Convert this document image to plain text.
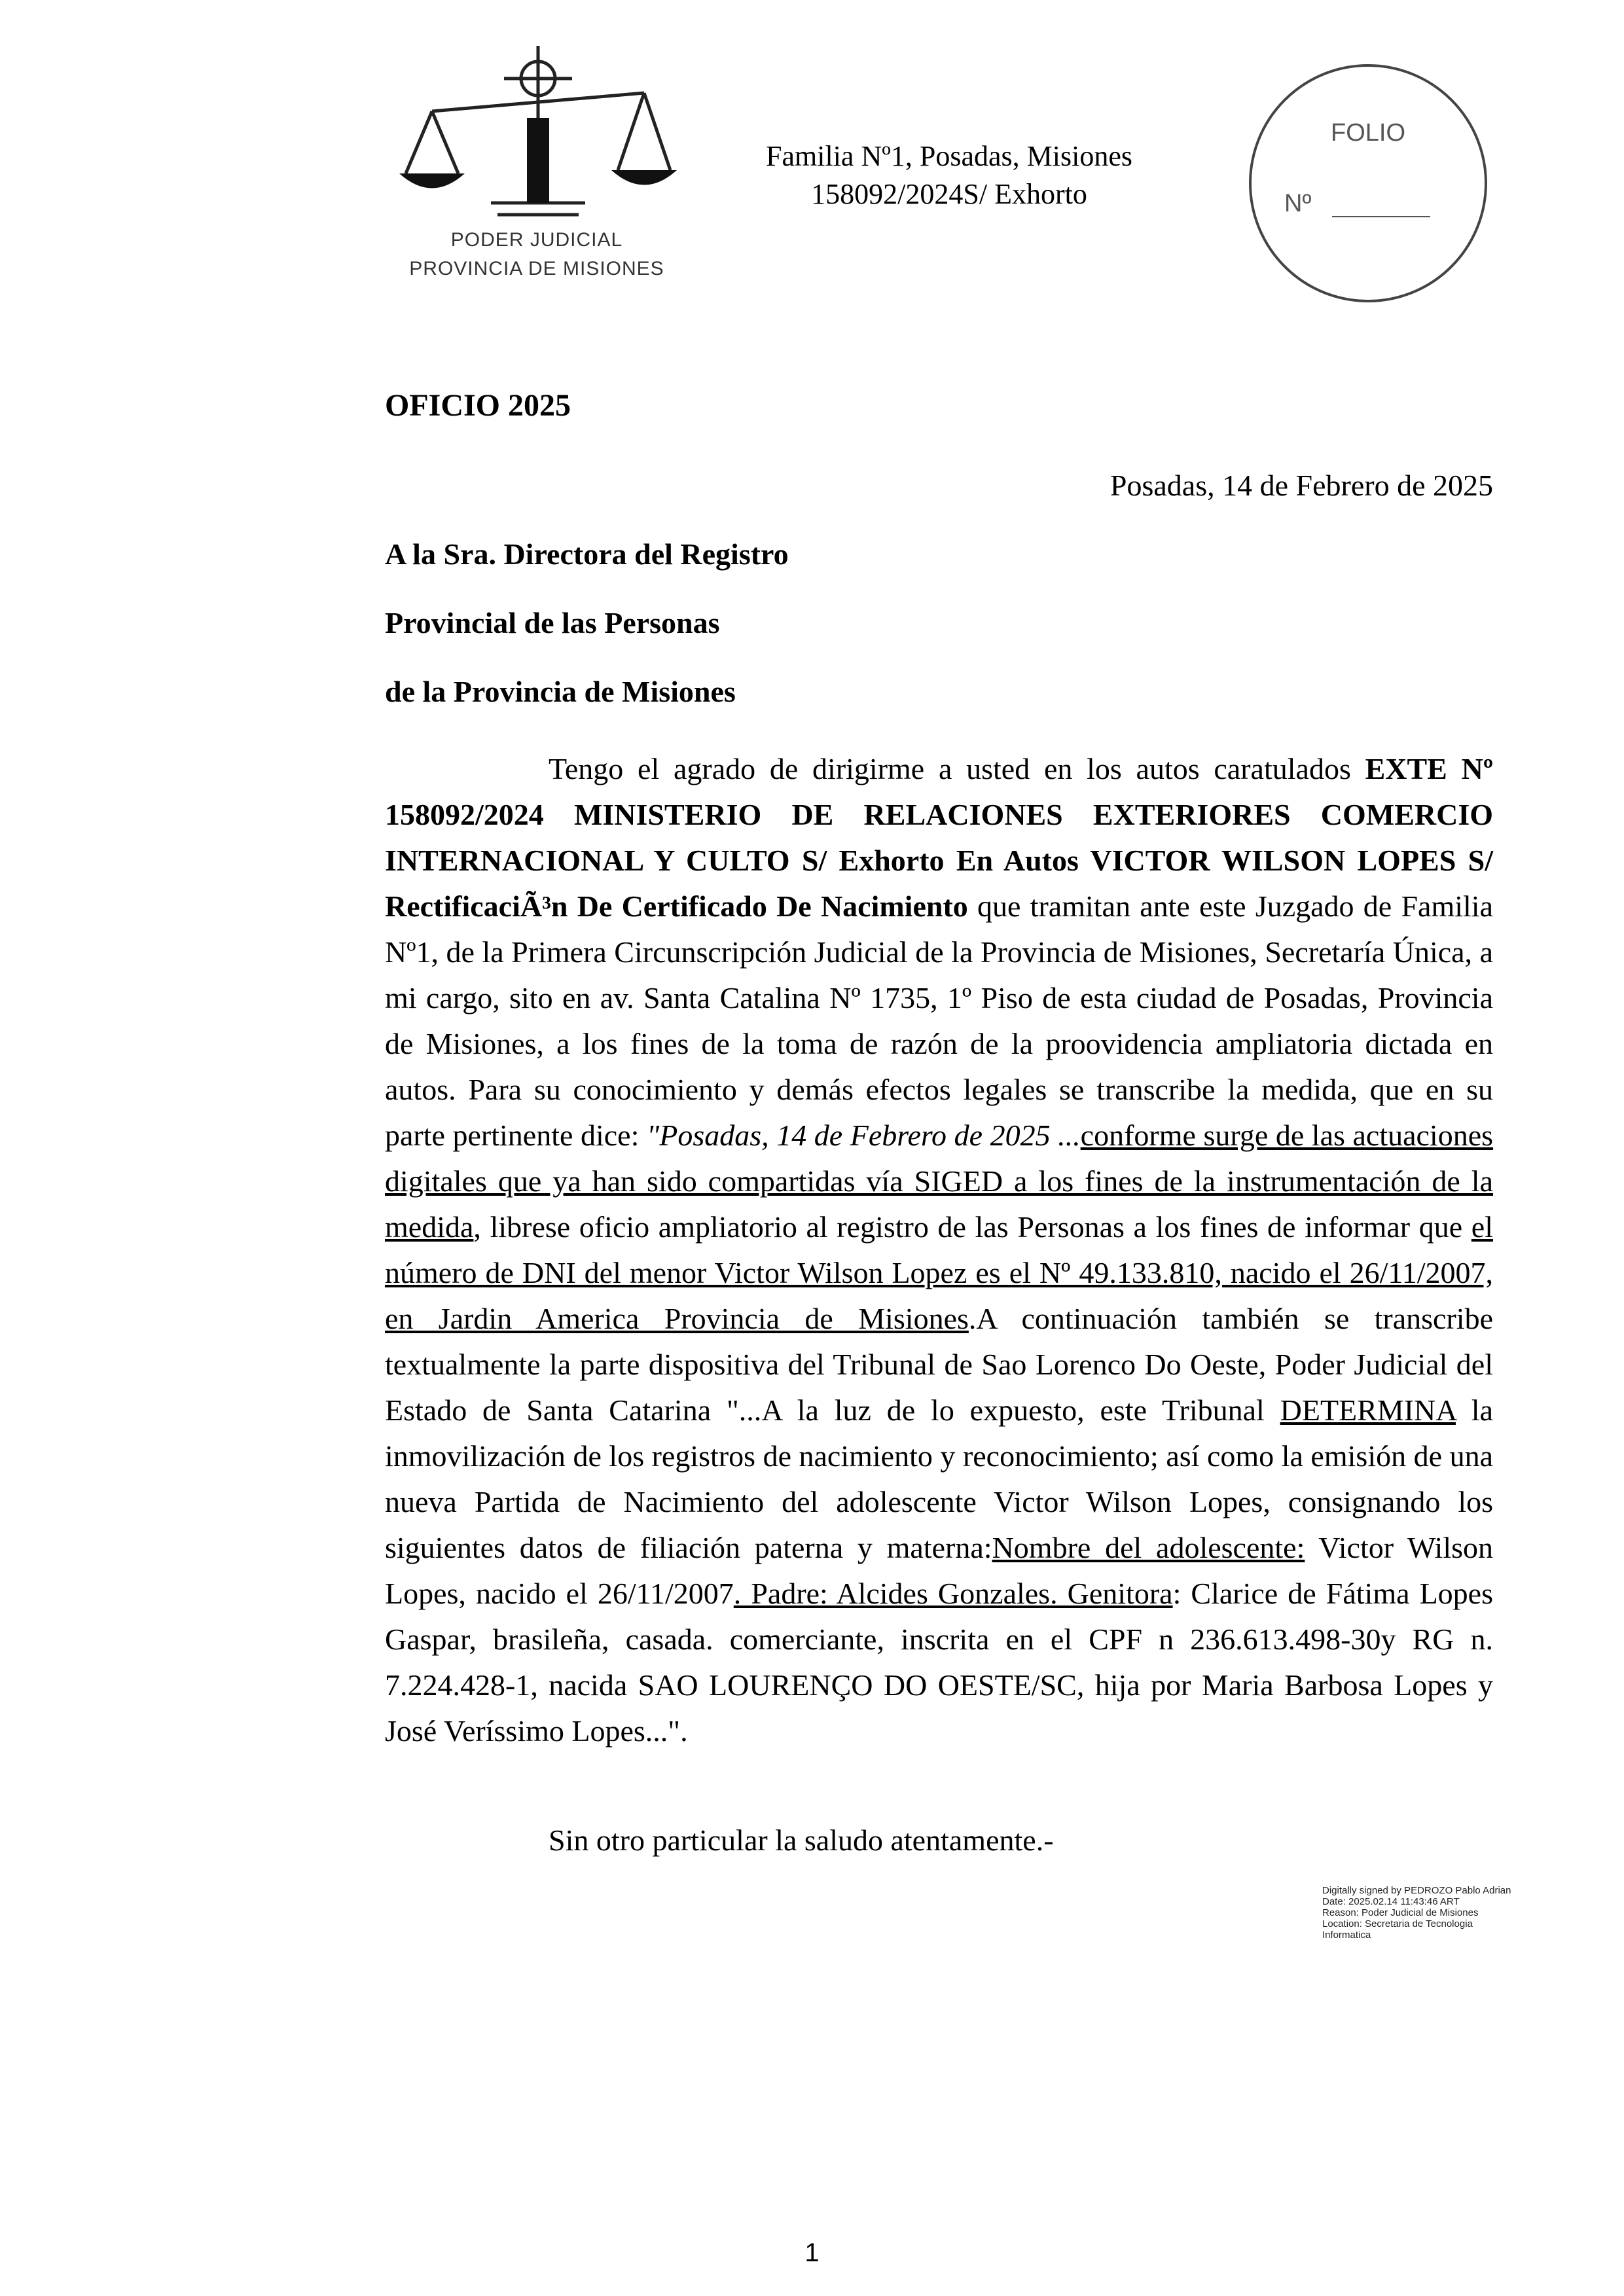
PODER JUDICIAL
PROVINCIA DE MISIONES
Familia Nº1, Posadas, Misiones
158092/2024S/ Exhorto
FOLIO
Nº
OFICIO 2025
Posadas, 14 de Febrero de 2025
A la Sra. Directora del Registro
Provincial de las Personas
de la Provincia de Misiones

Tengo el agrado de dirigirme a usted en los autos caratulados EXTE Nº 158092/2024 MINISTERIO DE RELACIONES EXTERIORES COMERCIO INTERNACIONAL Y CULTO S/ Exhorto En Autos VICTOR WILSON LOPES S/ RectificaciÃ³n De Certificado De Nacimiento que tramitan ante este Juzgado de Familia Nº1, de la Primera Circunscripción Judicial de la Provincia de Misiones, Secretaría Única, a mi cargo, sito en av. Santa Catalina Nº 1735, 1º Piso de esta ciudad de Posadas, Provincia de Misiones, a los fines de la toma de razón de la proovidencia ampliatoria dictada en autos. Para su conocimiento y demás efectos legales se transcribe la medida, que en su parte pertinente dice: "Posadas, 14 de Febrero de 2025 ...conforme surge de las actuaciones digitales que ya han sido compartidas vía SIGED a los fines de la instrumentación de la medida, librese oficio ampliatorio al registro de las Personas a los fines de informar que el número de DNI del menor Victor Wilson Lopez es el Nº 49.133.810, nacido el 26/11/2007, en Jardin America Provincia de Misiones.A continuación también se transcribe textualmente la parte dispositiva del Tribunal de Sao Lorenco Do Oeste, Poder Judicial del Estado de Santa Catarina "...A la luz de lo expuesto, este Tribunal DETERMINA la inmovilización de los registros de nacimiento y reconocimiento; así como la emisión de una nueva Partida de Nacimiento del adolescente Victor Wilson Lopes, consignando los siguientes datos de filiación paterna y materna:Nombre del adolescente: Victor Wilson Lopes, nacido el 26/11/2007. Padre: Alcides Gonzales. Genitora: Clarice de Fátima Lopes Gaspar, brasileña, casada. comerciante, inscrita en el CPF n 236.613.498-30y RG n. 7.224.428-1, nacida SAO LOURENÇO DO OESTE/SC, hija por Maria Barbosa Lopes y José Veríssimo Lopes...".

Sin otro particular la saludo atentamente.-
Digitally signed by PEDROZO Pablo Adrian
Date: 2025.02.14 11:43:46 ART
Reason: Poder Judicial de Misiones
Location: Secretaria de Tecnologia
Informatica
1
